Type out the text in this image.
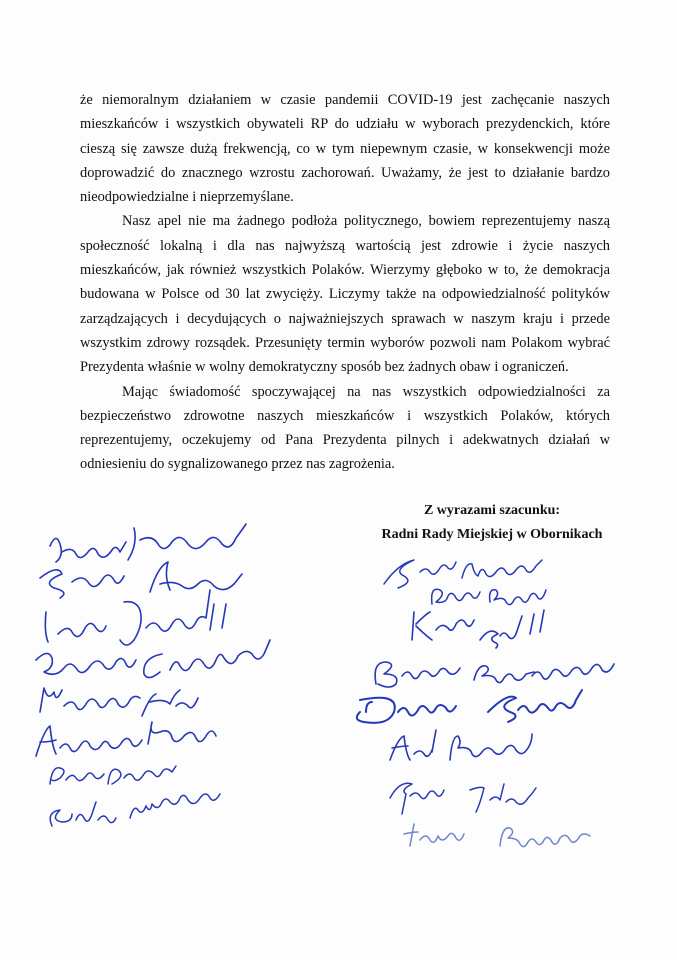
że niemoralnym działaniem w czasie pandemii COVID-19 jest zachęcanie naszych mieszkańców i wszystkich obywateli RP do udziału w wyborach prezydenckich, które cieszą się zawsze dużą frekwencją, co w tym niepewnym czasie, w konsekwencji może doprowadzić do znacznego wzrostu zachorowań. Uważamy, że jest to działanie bardzo nieodpowiedzialne i nieprzemyślane.

Nasz apel nie ma żadnego podłoża politycznego, bowiem reprezentujemy naszą społeczność lokalną i dla nas najwyższą wartością jest zdrowie i życie naszych mieszkańców, jak również wszystkich Polaków. Wierzymy głęboko w to, że demokracja budowana w Polsce od 30 lat zwycięży. Liczymy także na odpowiedzialność polityków zarządzających i decydujących o najważniejszych sprawach w naszym kraju i przede wszystkim zdrowy rozsądek. Przesunięty termin wyborów pozwoli nam Polakom wybrać Prezydenta właśnie w wolny demokratyczny sposób bez żadnych obaw i ograniczeń.

Mając świadomość spoczywającej na nas wszystkich odpowiedzialności za bezpieczeństwo zdrowotne naszych mieszkańców i wszystkich Polaków, których reprezentujemy, oczekujemy od Pana Prezydenta pilnych i adekwatnych działań w odniesieniu do sygnalizowanego przez nas zagrożenia.

Z wyrazami szacunku:
Radni Rady Miejskiej w Obornikach
